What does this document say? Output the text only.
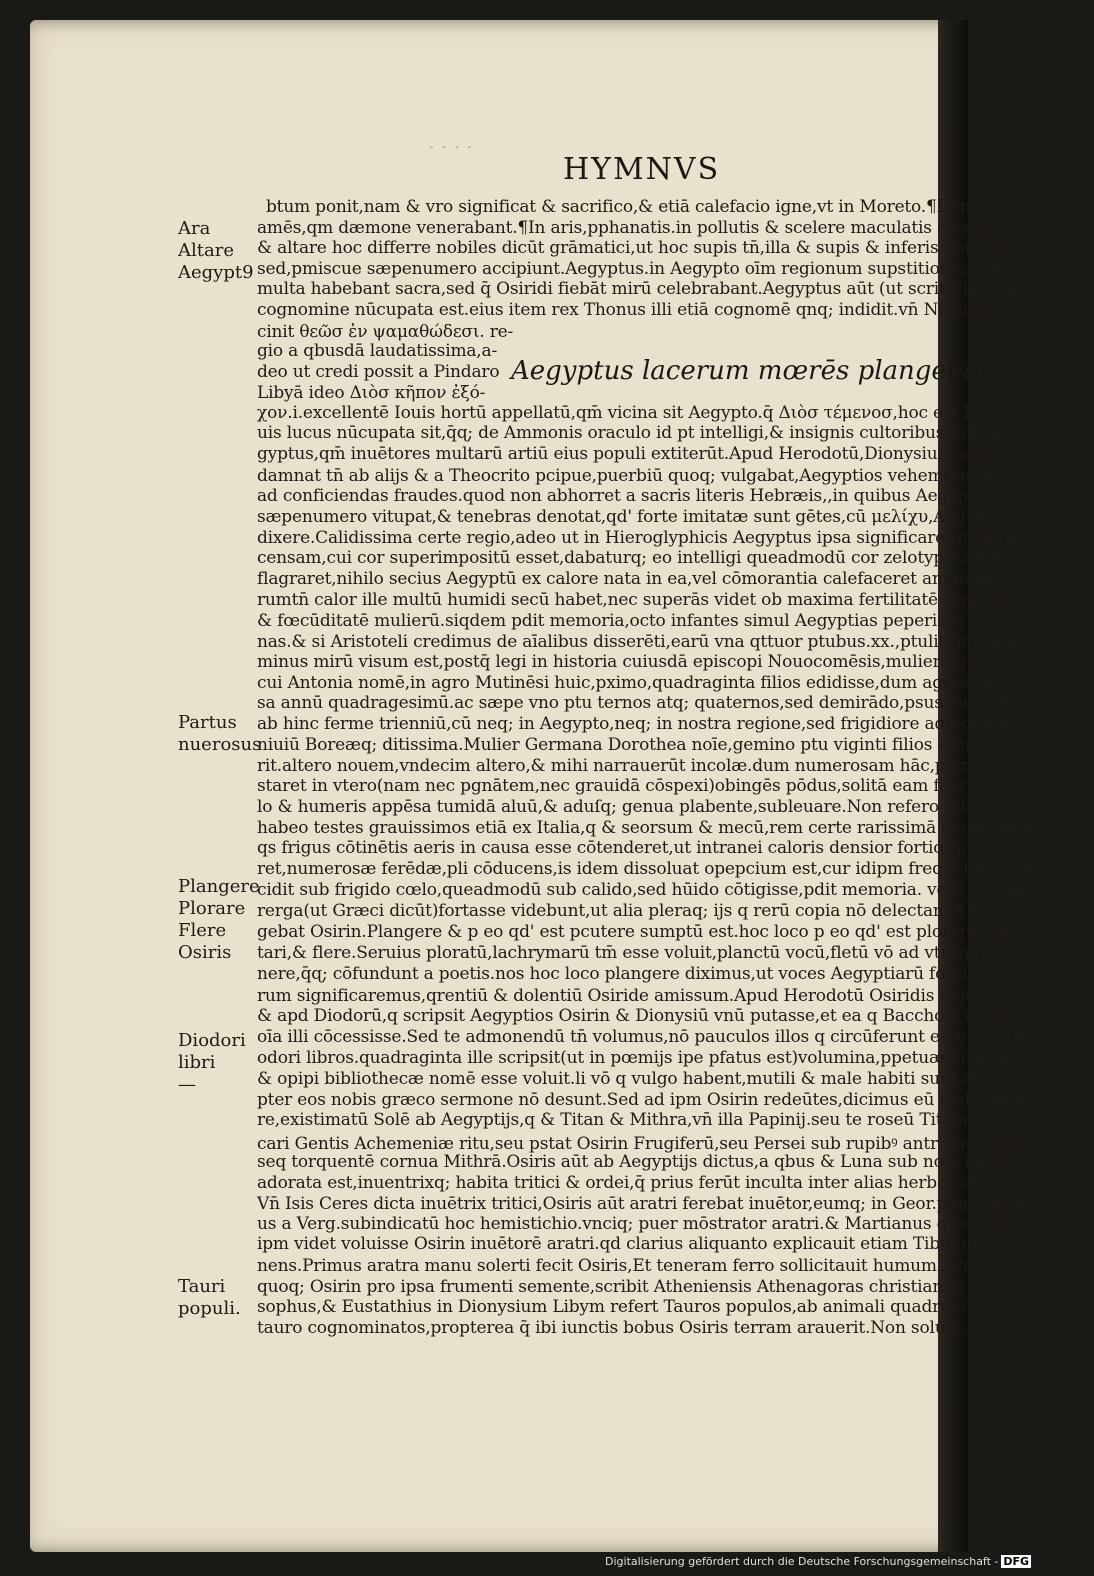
- - - -
HYMNVS
Aegyptus lacerum mœrēs plangebat Osirim.
Ara
Altare
Aegypt9
Partus
nuerosus
Plangere
Plorare
Flere
Osiris
Diodori
libri
—
Tauri
populi.
btum ponit,nam & vro significat & sacrifico,& etiā calefacio igne,vt in Moreto.¶Demens.
amēs,qm dæmone venerabant.¶In aris,pphanatis.in pollutis & scelere maculatis aris.Ara
& altare hoc differre nobiles dicūt grāmatici,ut hoc supis tn̄,illa & supis & inferis poneretur,
sed,pmiscue sæpenumero accipiunt.Aegyptus.in Aegypto oīm regionum supstitiosissima,
multa habebant sacra,sed q̄ Osiridi fiebāt mirū celebrabant.Aegyptus aūt (ut scribit)a rege
cognomine nūcupata est.eius item rex Thonus illi etiā cognomē qnq; indidit.vn̄ Nicāder ce
cinit θεῶσ ἐν ψαμαθώδεσι. re-
gio a qbusdā laudatissima,a-
deo ut credi possit a Pindaro
Libyā ideo Διὸσ κῆπον ἐξό-
χον.i.excellentē Iouis hortū appellatū,qm̄ vicina sit Aegypto.q̄ Διὸσ τέμενοσ,hoc est Io-
uis lucus nūcupata sit,q̄ɋ; de Ammonis oraculo id pt intelligi,& insignis cultoribus fuit Ae
gyptus,qm̄ inuētores multarū artiū eius populi extiterūt.Apud Herodotū,Dionysium,alios
damnat tn̄ ab alijs & a Theocrito pcipue,puerbiū quoq; vulgabat,Aegyptios vehemētes eē
ad conficiendas fraudes.quod non abhorret a sacris literis Hebræis,,in quibus Aegyptus
sæpenumero vitupat,& tenebras denotat,qd' forte imitatæ sunt gētes,cū μελίχυ,Aegyptum
dixere.Calidissima certe regio,adeo ut in Hieroglyphicis Aegyptus ipsa significaret p ollā ac-
censam,cui cor superimpositū esset,dabaturq; eo intelligi queadmodū cor zelotypi cōtinuo
flagraret,nihilo secius Aegyptū ex calore nata in ea,vel cōmorantia calefaceret animalia,ve-
rumtn̄ calor ille multū humidi secū habet,nec superās videt ob maxima fertilitatē regionis,
& fœcūditatē mulierū.siqdem pdit memoria,octo infantes simul Aegyptias peperisse fœmi-
nas.& si Aristoteli credimus de aīalibus disserēti,earū vna qttuor ptubus.xx.,ptulit,qd' mihi
minus mirū visum est,postq̄ legi in historia cuiusdā episcopi Nouocomēsis,mulierē quādā
cui Antonia nomē,in agro Mutinēsi huic,pximo,quadraginta filios edidisse,dum ageret ip-
sa annū quadragesimū.ac sæpe vno ptu ternos atq; quaternos,sed demirādo,psus euanuit
ab hinc ferme trienniū,cū neq; in Aegypto,neq; in nostra regione,sed frigidiore admodū &
niuiū Boreæq; ditissima.Mulier Germana Dorothea noīe,gemino ptu viginti filios effude-
rit.altero nouem,vndecim altero,& mihi narrauerūt incolæ.dum numerosam hāc,plem ge
staret in vtero(nam nec pgnātem,nec grauidā cōspexi)obingēs pōdus,solitā eam fascia col-
lo & humeris appēsa tumidā aluū,& aduſq; genua plabente,subleuare.Non refero fabulas,
habeo testes grauissimos etiā ex Italia,q & seorsum & mecū,rem certe rarissimā pceperūt.q̄ si
qs frigus cōtinētis aeris in causa esse cōtenderet,ut intranei caloris densior fortiorq; vis euade
ret,numerosæ ferēdæ,pli cōducens,is idem dissoluat opepcium est,cur idipm frequēter nō ac
cidit sub frigido cœlo,queadmodū sub calido,sed hūido cōtigisse,pdit memoria. verū hęc pa
rerga(ut Græci dicūt)fortasse videbunt,ut alia pleraq; ijs q rerū copia nō delectant.¶Plan-
gebat Osirin.Plangere & p eo qd' est pcutere sumptū est.hoc loco p eo qd' est plorare,lamē-
tari,& flere.Seruius ploratū,lachrymarū tm̄ esse voluit,planctū vocū,fletū vō ad vtrūq; pti
nere,q̄ɋ; cōfundunt a poetis.nos hoc loco plangere diximus,ut voces Aegyptiarū fœmina
rum significaremus,qrentiū & dolentiū Osiride amissum.Apud Herodotū Osiridis mētio,
& apd Diodorū,q scripsit Aegyptios Osirin & Dionysiū vnū putasse,et ea q Baccho tribuūt,
oīa illi cōcessisse.Sed te admonendū tn̄ volumus,nō pauculos illos q circūferunt esse oēs Di-
odori libros.quadraginta ille scripsit(ut in pœmijs ipe pfatus est)volumina,ppetuæ historię
& opipi bibliothecæ nomē esse voluit.li vō q vulgo habent,mutili & male habiti sunt.alij
pter eos nobis græco sermone nō desunt.Sed ad ipm Osirin redeūtes,dicimus eū eodē aucto
re,existimatū Solē ab Aegyptijs,q & Titan & Mithra,vn̄ illa Papinij.seu te roseū Titana vo
cari Gentis Achemeniæ ritu,seu pstat Osirin Frugiferū,seu Persei sub rupibꝰ antri Indignata
seq torquentē cornua Mithrā.Osiris aūt ab Aegyptijs dictus,a qbus & Luna sub noīe Isidis
adorata est,inuentrixq; habita tritici & ordei,q̄ prius ferūt inculta inter alias herbas delituisse
Vn̄ Isis Ceres dicta inuētrix tritici,Osiris aūt aratri ferebat inuētor,eumq; in Geor.pbat Serui
us a Verg.subindicatū hoc hemistichio.vnciq; puer mōstrator aratri.& Martianus quoq; id-
ipm videt voluisse Osirin inuētorē aratri.qd clarius aliquanto explicauit etiam Tibullus ca-
nens.Primus aratra manu solerti fecit Osiris,Et teneram ferro sollicitauit humum.Acceptum
quoq; Osirin pro ipsa frumenti semente,scribit Atheniensis Athenagoras christianus philo
sophus,& Eustathius in Dionysium Libym refert Tauros populos,ab animali quadrupede
tauro cognominatos,propterea q̄ ibi iunctis bobus Osiris terram arauerit.Non solum igi
Digitalisierung gefördert durch die Deutsche Forschungsgemeinschaft - DFG
